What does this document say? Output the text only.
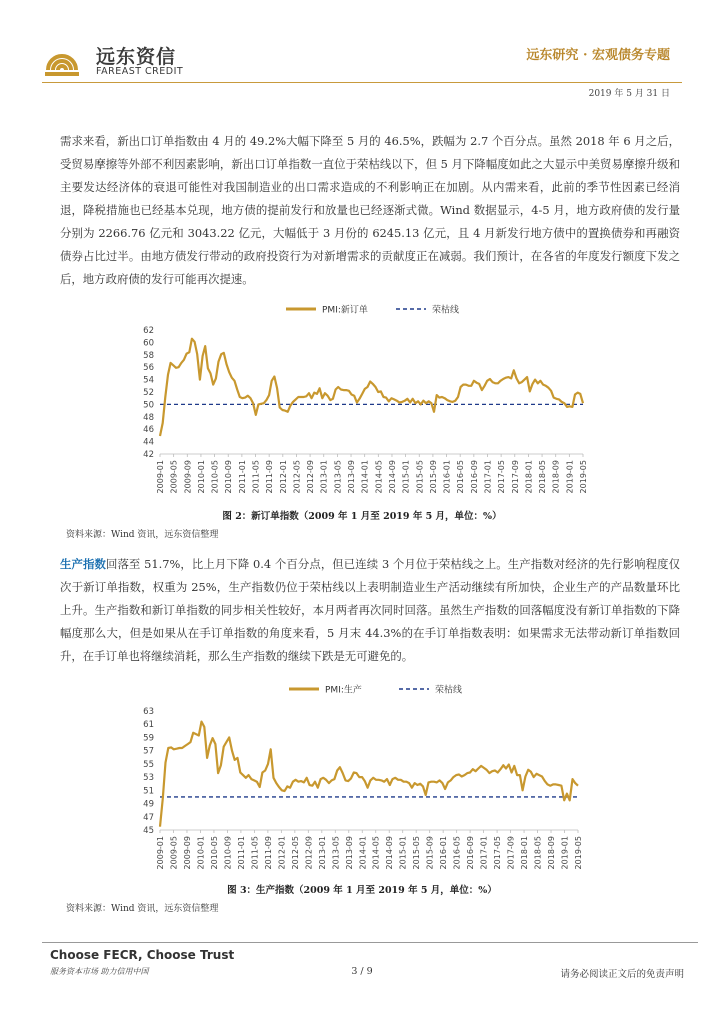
远东资信
FAREAST CREDIT
远东研究 · 宏观债务专题
2019 年 5 月 31 日
需求来看，新出口订单指数由 4 月的 49.2%大幅下降至 5 月的 46.5%，跌幅为 2.7 个百分点。虽然 2018 年 6 月之后，受贸易摩擦等外部不利因素影响，新出口订单指数一直位于荣枯线以下，但 5 月下降幅度如此之大显示中美贸易摩擦升级和主要发达经济体的衰退可能性对我国制造业的出口需求造成的不利影响正在加剧。从内需来看，此前的季节性因素已经消退，降税措施也已经基本兑现，地方债的提前发行和放量也已经逐渐式微。Wind 数据显示，4-5 月，地方政府债的发行量分别为 2266.76 亿元和 3043.22 亿元，大幅低于 3 月份的 6245.13 亿元，且 4 月新发行地方债中的置换债券和再融资债券占比过半。由地方债发行带动的政府投资行为对新增需求的贡献度正在减弱。我们预计，在各省的年度发行额度下发之后，地方政府债的发行可能再次提速。
PMI:新订单	荣枯线
42
44
46
48
50
52
54
56
58
60
62
2009-01 2009-05 2009-09 2010-01 2010-05 2010-09 2011-01 2011-05 2011-09 2012-01 2012-05 2012-09 2013-01 2013-05 2013-09 2014-01 2014-05 2014-09 2015-01 2015-05 2015-09 2016-01 2016-05 2016-09 2017-01 2017-05 2017-09 2018-01 2018-05 2018-09 2019-01 2019-05
图 2：新订单指数（2009 年 1 月至 2019 年 5 月，单位：%）
资料来源：Wind 资讯，远东资信整理
生产指数回落至 51.7%，比上月下降 0.4 个百分点，但已连续 3 个月位于荣枯线之上。生产指数对经济的先行影响程度仅次于新订单指数，权重为 25%，生产指数仍位于荣枯线以上表明制造业生产活动继续有所加快，企业生产的产品数量环比上升。生产指数和新订单指数的同步相关性较好，本月两者再次同时回落。虽然生产指数的回落幅度没有新订单指数的下降幅度那么大，但是如果从在手订单指数的角度来看，5 月末 44.3%的在手订单指数表明：如果需求无法带动新订单指数回升，在手订单也将继续消耗，那么生产指数的继续下跌是无可避免的。
PMI:生产	荣枯线
45
47
49
51
53
55
57
59
61
63
2009-01 2009-05 2009-09 2010-01 2010-05 2010-09 2011-01 2011-05 2011-09 2012-01 2012-05 2012-09 2013-01 2013-05 2013-09 2014-01 2014-05 2014-09 2015-01 2015-05 2015-09 2016-01 2016-05 2016-09 2017-01 2017-05 2017-09 2018-01 2018-05 2018-09 2019-01 2019-05
图 3：生产指数（2009 年 1 月至 2019 年 5 月，单位：%）
资料来源：Wind 资讯，远东资信整理
Choose FECR, Choose Trust
服务资本市场 助力信用中国	3 / 9	请务必阅读正文后的免责声明
